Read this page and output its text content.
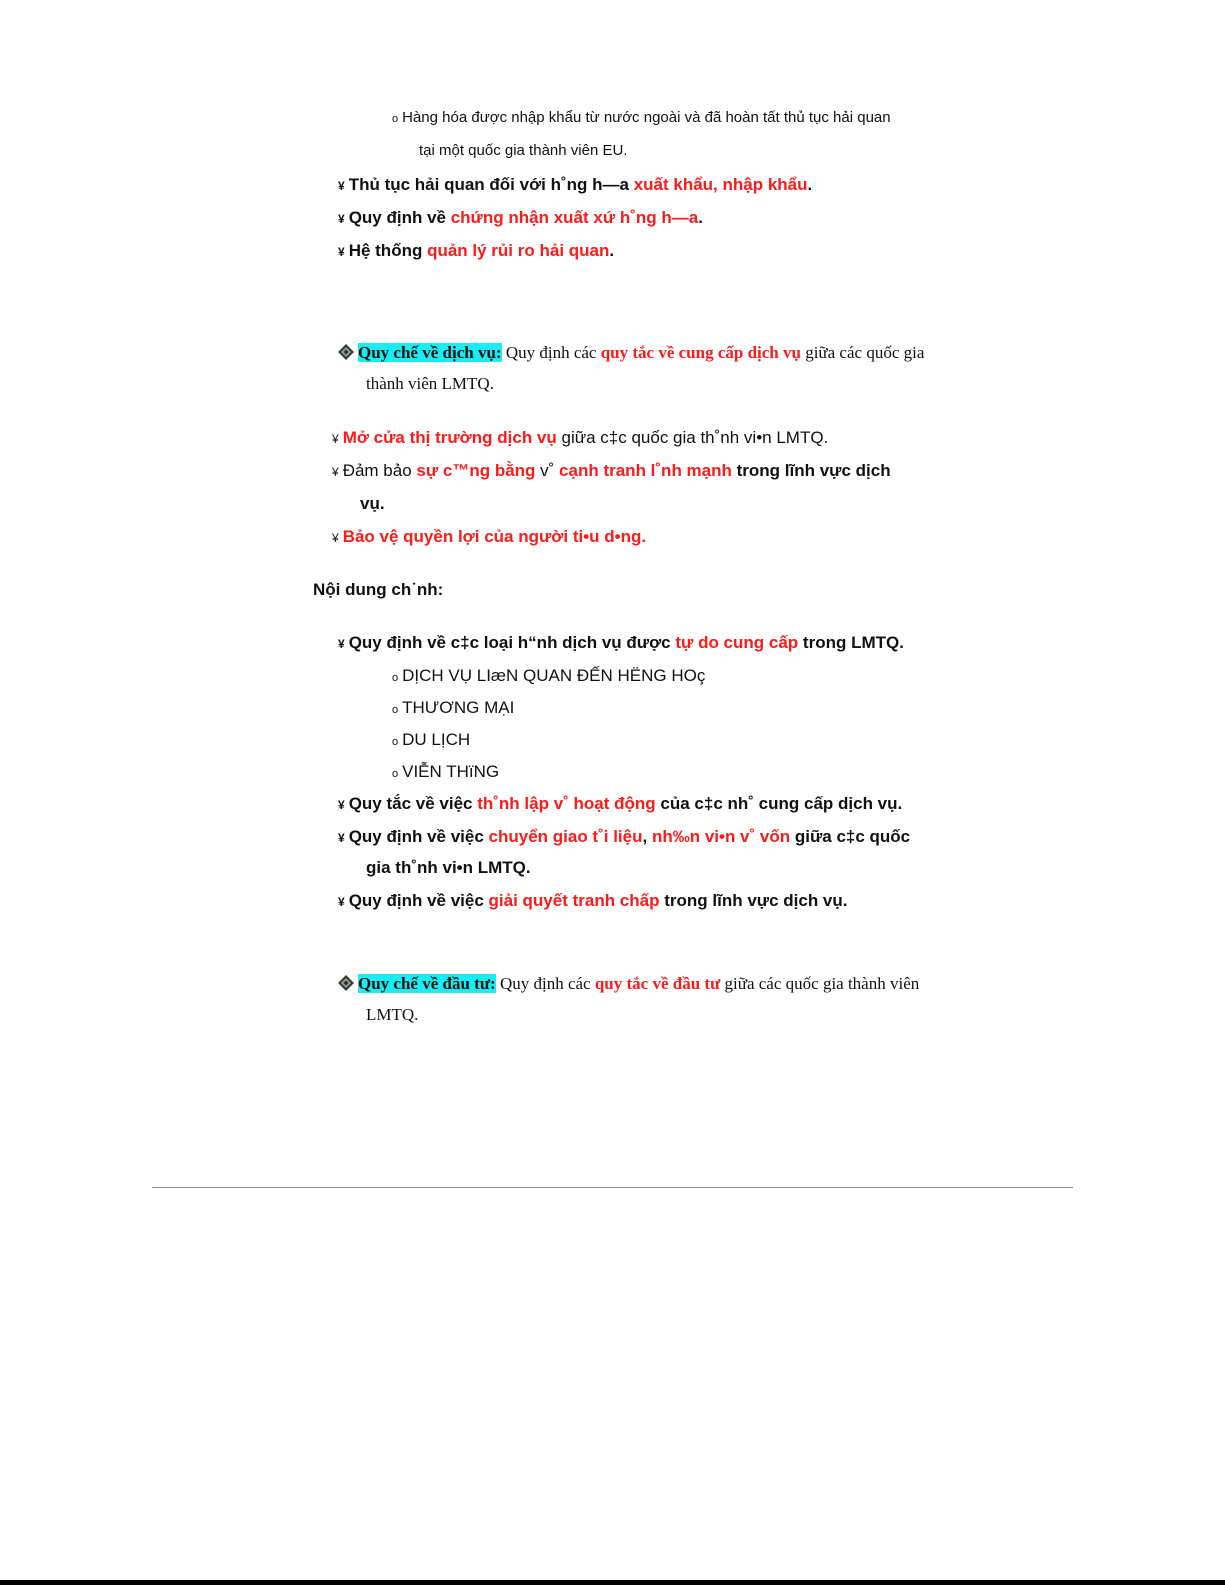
o Hàng hóa được nhập khẩu từ nước ngoài và đã hoàn tất thủ tục hải quan
tại một quốc gia thành viên EU.
¥ Thủ tục hải quan đối với h˚ng h—a xuất khẩu, nhập khẩu.
¥ Quy định về chứng nhận xuất xứ h˚ng h—a.
¥ Hệ thống quản lý rủi ro hải quan.
Quy chế về dịch vụ: Quy định các quy tắc về cung cấp dịch vụ giữa các quốc gia
thành viên LMTQ.
¥ Mở cửa thị trường dịch vụ giữa c‡c quốc gia th˚nh vi•n LMTQ.
¥ Đảm bảo sự c™ng bằng v˚ cạnh tranh l˚nh mạnh trong lĩnh vực dịch
vụ.
¥ Bảo vệ quyền lợi của người ti•u d•ng.
Nội dung ch˙nh:
¥ Quy định về c‡c loại h“nh dịch vụ được tự do cung cấp trong LMTQ.
o DỊCH VỤ LIæN QUAN ĐẾN HËNG HOç
o THƯƠNG MẠI
o DU LỊCH
o VIỄN THïNG
¥ Quy tắc về việc th˚nh lập v˚ hoạt động của c‡c nh˚ cung cấp dịch vụ.
¥ Quy định về việc chuyển giao t˚i liệu, nh‰n vi•n v˚ vốn giữa c‡c quốc
gia th˚nh vi•n LMTQ.
¥ Quy định về việc giải quyết tranh chấp trong lĩnh vực dịch vụ.
Quy chế về đầu tư: Quy định các quy tắc về đầu tư giữa các quốc gia thành viên
LMTQ.
